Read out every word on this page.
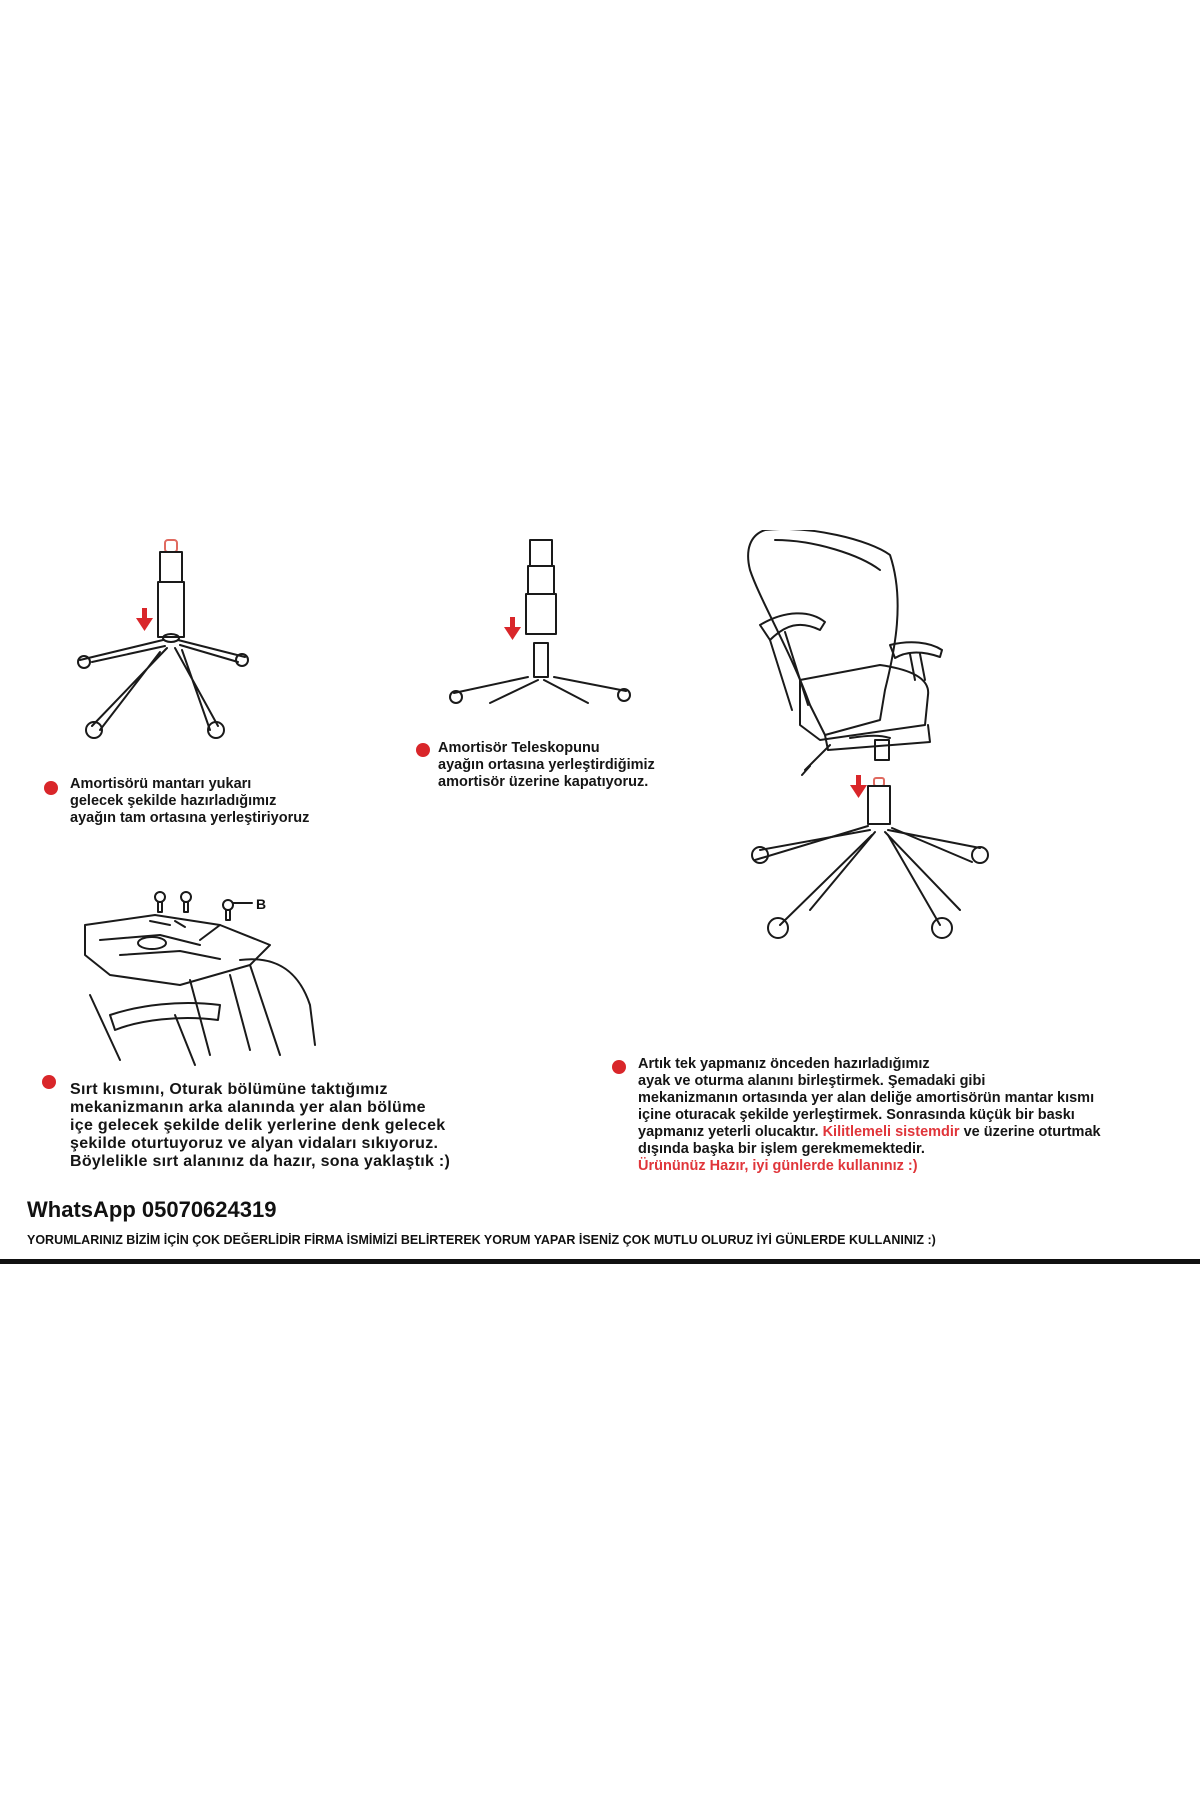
B
Amortisörü mantarı yukarı
gelecek şekilde hazırladığımız
ayağın tam ortasına yerleştiriyoruz
Amortisör Teleskopunu
ayağın ortasına yerleştirdiğimiz
amortisör üzerine kapatıyoruz.
Sırt kısmını, Oturak bölümüne taktığımız
mekanizmanın arka alanında yer alan bölüme
içe gelecek şekilde delik yerlerine denk gelecek
şekilde oturtuyoruz ve alyan vidaları sıkıyoruz.
Böylelikle sırt alanınız da hazır, sona yaklaştık :)
Artık tek yapmanız önceden hazırladığımız
ayak ve oturma alanını birleştirmek. Şemadaki gibi
mekanizmanın ortasında yer alan deliğe amortisörün mantar kısmı
içine oturacak şekilde yerleştirmek. Sonrasında küçük bir baskı
yapmanız yeterli olucaktır. Kilitlemeli sistemdir ve üzerine oturtmak
dışında başka bir işlem gerekmemektedir.
Ürününüz Hazır, iyi günlerde kullanınız :)
WhatsApp 05070624319
YORUMLARINIZ BİZİM İÇİN ÇOK DEĞERLİDİR FİRMA İSMİMİZİ BELİRTEREK YORUM YAPAR İSENİZ ÇOK MUTLU OLURUZ İYİ GÜNLERDE KULLANINIZ :)
